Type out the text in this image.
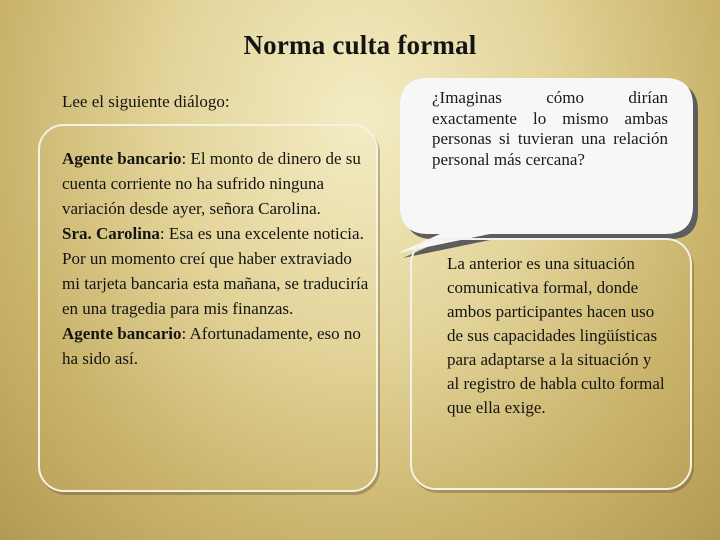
Norma culta formal
Lee el siguiente diálogo:

Agente bancario: El monto de dinero de su cuenta corriente no ha sufrido ninguna variación desde ayer, señora Carolina.

Sra. Carolina: Esa es una excelente noticia. Por un momento creí que haber extraviado mi tarjeta bancaria esta mañana, se traduciría en una tragedia para mis finanzas.

Agente bancario: Afortunadamente, eso no ha sido así.

¿Imaginas cómo dirían exactamente lo mismo ambas personas si tuvieran una relación personal más cercana?
La anterior es una situación comunicativa formal, donde ambos participantes hacen uso de sus capacidades lingüísticas para adaptarse a la situación y al registro de habla culto formal que ella exige.
